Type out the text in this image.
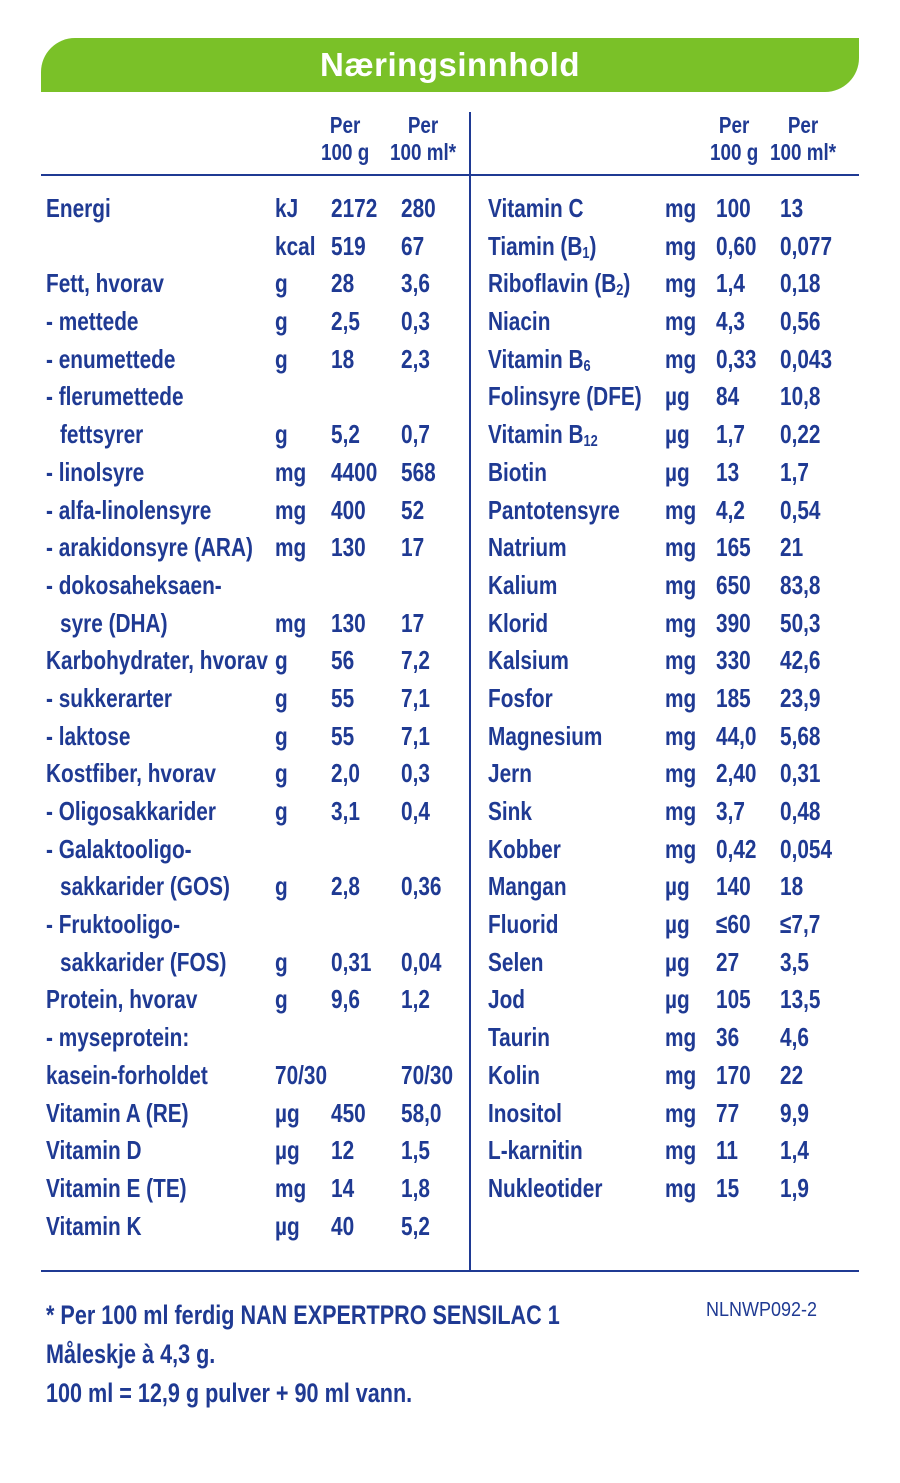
Næringsinnhold
Per
100 g
Per
100 ml*
Per
100 g
Per
100 ml*
Energi	kJ 2172 280
kcal 519 67
Fett, hvorav	g 28 3,6
- mettede	g 2,5 0,3
- enumettede	g 18 2,3
- flerumettede
fettsyrer	g 5,2 0,7
- linolsyre	mg 4400 568
- alfa-linolensyre mg 400 52
- arakidonsyre (ARA) mg 130 17
- dokosaheksaen-
syre (DHA)	mg 130 17
Karbohydrater, hvorav g 56 7,2
- sukkerarter	g 55 7,1
- laktose	g 55 7,1
Kostfiber, hvorav g 2,0 0,3
- Oligosakkarider g 3,1 0,4
- Galaktooligo-
sakkarider (GOS) g 2,8 0,36
- Fruktooligo-
sakkarider (FOS) g 0,31 0,04
Protein, hvorav	g 9,6 1,2
- myseprotein:
kasein-forholdet	70/30	70/30
Vitamin A (RE)	µg 450 58,0
Vitamin D	µg 12 1,5
Vitamin E (TE)	mg 14 1,8
Vitamin K	µg 40 5,2
Vitamin C	mg 100 13
Tiamin $(B_1)$	mg 0,60 0,077
Riboflavin $(B_2)$ mg 1,4 0,18
Niacin	mg 4,3 0,56
Vitamin $B_6$	mg 0,33 0,043
Folinsyre (DFE) µg 84 10,8
Vitamin $B_{12}$	µg 1,7 0,22
Biotin	µg 13 1,7
Pantotensyre mg 4,2 0,54
Natrium	mg 165 21
Kalium	mg 650 83,8
Klorid	mg 390 50,3
Kalsium	mg 330 42,6
Fosfor	mg 185 23,9
Magnesium mg 44,0 5,68
Jern	mg 2,40 0,31
Sink	mg 3,7 0,48
Kobber	mg 0,42 0,054
Mangan	µg 140 18
Fluorid	µg ≤60 ≤7,7
Selen	µg 27 3,5
Jod	µg 105 13,5
Taurin	mg 36 4,6
Kolin	mg 170 22
Inositol	mg 77 9,9
L-karnitin	mg 11 1,4
Nukleotider mg 15 1,9
* Per 100 ml ferdig NAN EXPERTPRO SENSILAC 1
Måleskje à 4,3 g.
100 ml = 12,9 g pulver + 90 ml vann.
NLNWP092-2
